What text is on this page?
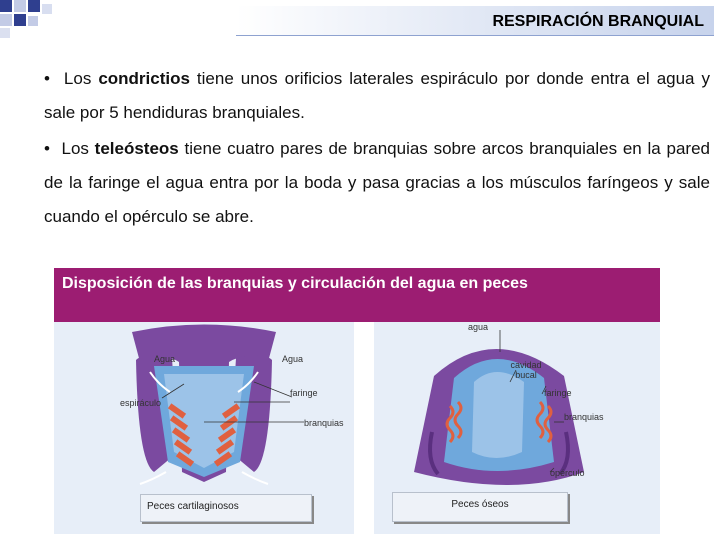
RESPIRACIÓN BRANQUIAL

•  Los condrictios tiene unos orificios laterales espiráculo por donde entra el agua y sale por 5 hendiduras branquiales.

•  Los teleósteos tiene cuatro pares de branquias sobre arcos branquiales en la pared de la faringe el agua entra por la boda y pasa gracias a los músculos faríngeos y sale cuando el opérculo se abre.

Disposición de las branquias y circulación del agua en peces
agua
Agua	Agua
espiráculo
faringe
branquias
cavidad bucal
faringe
branquias
opérculo
Peces cartilaginosos	Peces óseos
